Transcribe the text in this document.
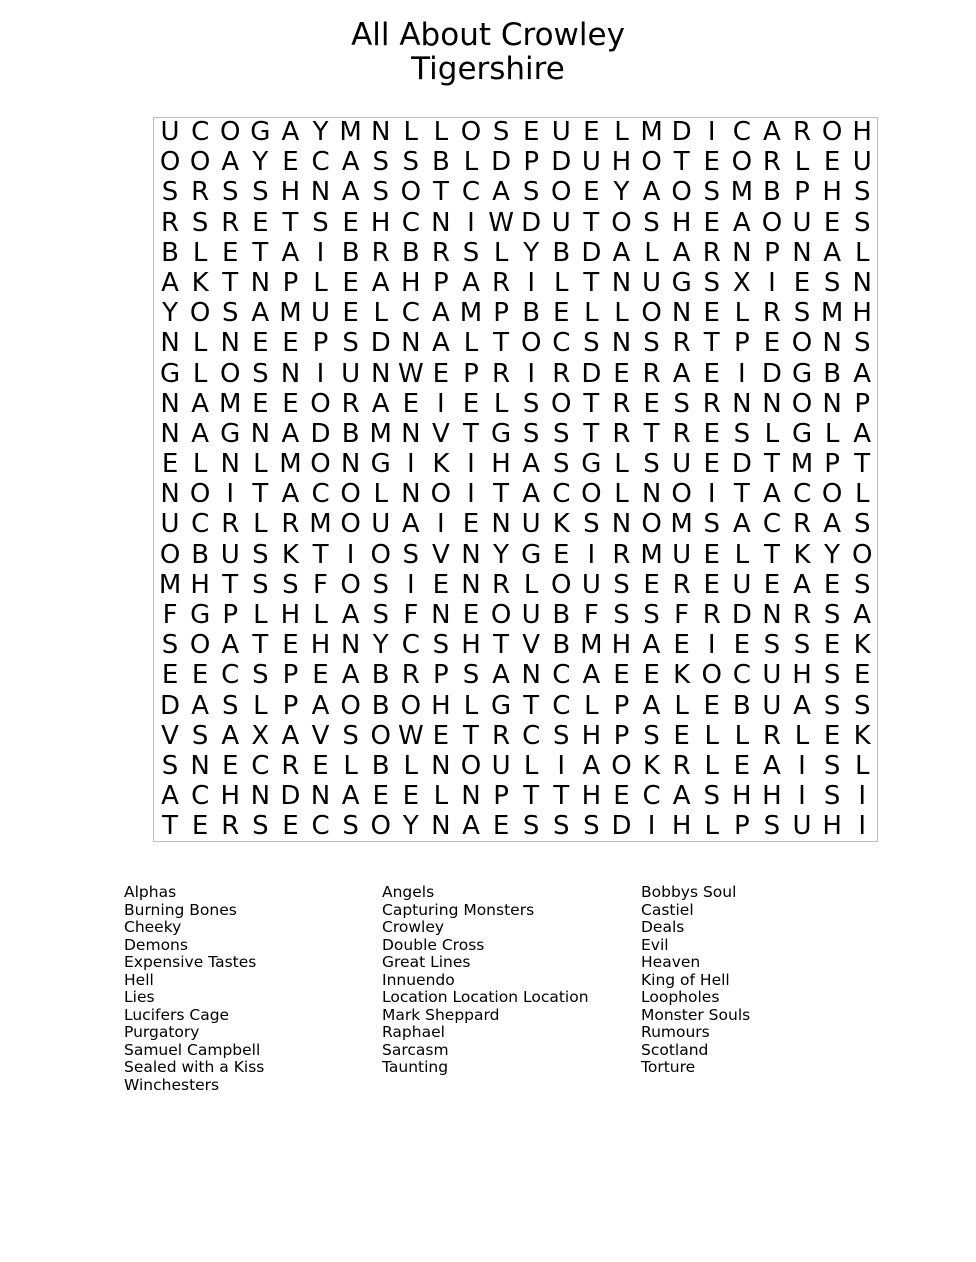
All About Crowley
Tigershire
U C O G A Y M N L L O S E U E L M D I C A R O H
O O A Y E C A S S B L D P D U H O T E O R L E U
S R S S H N A S O T C A S O E Y A O S M B P H S
R S R E T S E H C N I W D U T O S H E A O U E S
B L E T A I B R B R S L Y B D A L A R N P N A L
A K T N P L E A H P A R I L T N U G S X I E S N
Y O S A M U E L C A M P B E L L O N E L R S M H
N L N E E P S D N A L T O C S N S R T P E O N S
G L O S N I U N W E P R I R D E R A E I D G B A
N A M E E O R A E I E L S O T R E S R N N O N P
N A G N A D B M N V T G S S T R T R E S L G L A
E L N L M O N G I K I H A S G L S U E D T M P T
N O I T A C O L N O I T A C O L N O I T A C O L
U C R L R M O U A I E N U K S N O M S A C R A S
O B U S K T I O S V N Y G E I R M U E L T K Y O
M H T S S F O S I E N R L O U S E R E U E A E S
F G P L H L A S F N E O U B F S S F R D N R S A
S O A T E H N Y C S H T V B M H A E I E S S E K
E E C S P E A B R P S A N C A E E K O C U H S E
D A S L P A O B O H L G T C L P A L E B U A S S
V S A X A V S O W E T R C S H P S E L L R L E K
S N E C R E L B L N O U L I A O K R L E A I S L
A C H N D N A E E L N P T T H E C A S H H I S I
T E R S E C S O Y N A E S S S D I H L P S U H I
Alphas
Burning Bones
Cheeky
Demons
Expensive Tastes
Hell
Lies
Lucifers Cage
Purgatory
Samuel Campbell
Sealed with a Kiss
Winchesters
Angels
Capturing Monsters
Crowley
Double Cross
Great Lines
Innuendo
Location Location Location
Mark Sheppard
Raphael
Sarcasm
Taunting
Bobbys Soul
Castiel
Deals
Evil
Heaven
King of Hell
Loopholes
Monster Souls
Rumours
Scotland
Torture
